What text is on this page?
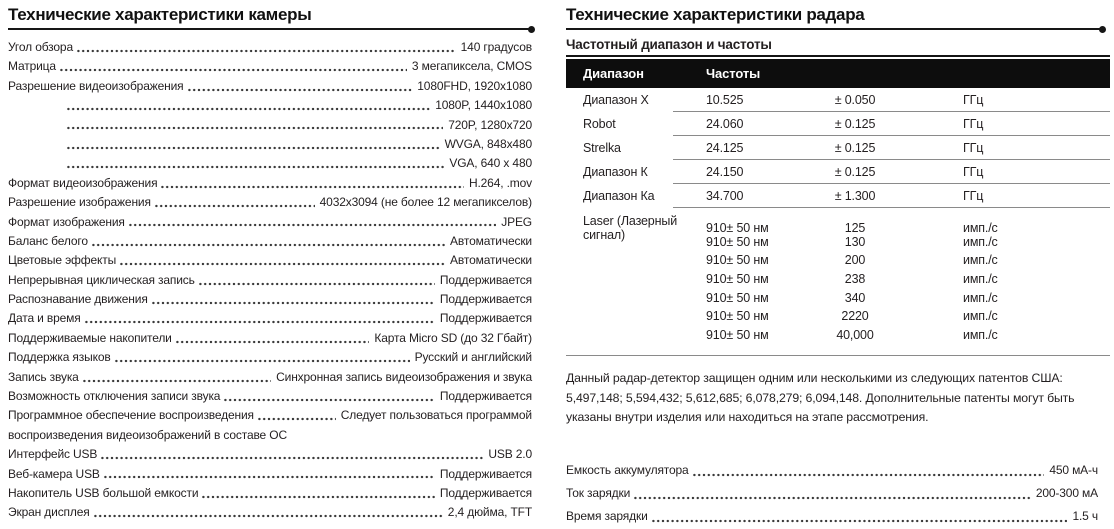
Технические характеристики камеры
Угол обзора	140 градусов
Матрица	3 мегапиксела, CMOS
Разрешение видеоизображения	1080FHD, 1920x1080
1080P, 1440x1080
720P, 1280x720
WVGA, 848x480
VGA, 640 x 480
Формат видеоизображения	H.264, .mov
Разрешение изображения	4032x3094 (не более 12 мегапикселов)
Формат изображения	JPEG
Баланс белого	Автоматически
Цветовые эффекты	Автоматически
Непрерывная циклическая запись	Поддерживается
Распознавание движения	Поддерживается
Дата и время	Поддерживается
Поддерживаемые накопители	Карта Micro SD (до 32 Гбайт)
Поддержка языков	Русский и английский
Запись звука	Синхронная запись видеоизображения и звука
Возможность отключения записи звука	Поддерживается
Программное обеспечение воспроизведения	Следует пользоваться программой
воспроизведения видеоизображений в составе ОС
Интерфейс USB	USB 2.0
Веб-камера USB	Поддерживается
Накопитель USB большой емкости	Поддерживается
Экран дисплея	2,4 дюйма, TFT
Технические характеристики радара
Частотный диапазон и частоты
Диапазон	Частоты
Диапазон X	10.525	± 0.050	ГГц
Robot	24.060	± 0.125	ГГц
Strelka	24.125	± 0.125	ГГц
Диапазон К	24.150	± 0.125	ГГц
Диапазон Ка	34.700	± 1.300	ГГц
Laser (Лазерный сигнал)	910± 50 нм	125	имп./с
910± 50 нм	130	имп./с
910± 50 нм	200	имп./с
910± 50 нм	238	имп./с
910± 50 нм	340	имп./с
910± 50 нм	2220	имп./с
910± 50 нм	40,000	имп./с

Данный радар-детектор защищен одним или несколькими из следующих патентов США: 5,497,148; 5,594,432; 5,612,685; 6,078,279; 6,094,148. Дополнительные патенты могут быть указаны внутри изделия или находиться на этапе рассмотрения.

Емкость аккумулятора	450 мА-ч
Ток зарядки	200-300 мА
Время зарядки	1.5 ч
